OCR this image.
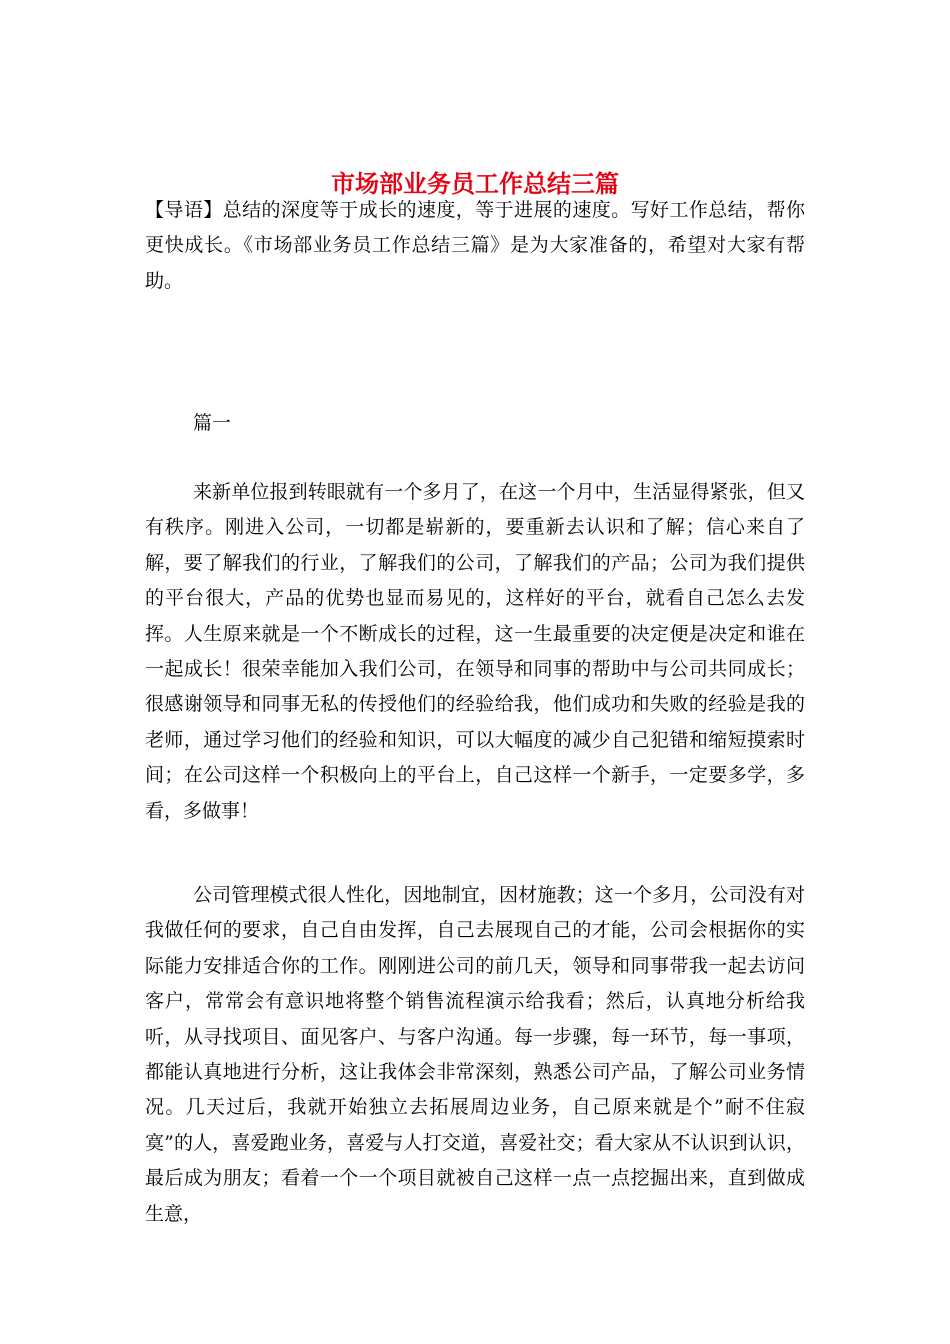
市场部业务员工作总结三篇

【导语】总结的深度等于成长的速度，等于进展的速度。写好工作总结，帮你更快成长。《市场部业务员工作总结三篇》是为大家准备的，希望对大家有帮助。

篇一

来新单位报到转眼就有一个多月了，在这一个月中，生活显得紧张，但又有秩序。刚进入公司，一切都是崭新的，要重新去认识和了解；信心来自了解，要了解我们的行业，了解我们的公司，了解我们的产品；公司为我们提供的平台很大，产品的优势也显而易见的，这样好的平台，就看自己怎么去发挥。人生原来就是一个不断成长的过程，这一生最重要的决定便是决定和谁在一起成长！很荣幸能加入我们公司，在领导和同事的帮助中与公司共同成长；很感谢领导和同事无私的传授他们的经验给我，他们成功和失败的经验是我的老师，通过学习他们的经验和知识，可以大幅度的减少自己犯错和缩短摸索时间；在公司这样一个积极向上的平台上，自己这样一个新手，一定要多学，多看，多做事！

公司管理模式很人性化，因地制宜，因材施教；这一个多月，公司没有对我做任何的要求，自己自由发挥，自己去展现自己的才能，公司会根据你的实际能力安排适合你的工作。刚刚进公司的前几天，领导和同事带我一起去访问客户，常常会有意识地将整个销售流程演示给我看；然后，认真地分析给我听，从寻找项目、面见客户、与客户沟通。每一步骤，每一环节，每一事项，都能认真地进行分析，这让我体会非常深刻，熟悉公司产品，了解公司业务情况。几天过后，我就开始独立去拓展周边业务，自己原来就是个”耐不住寂寞”的人，喜爱跑业务，喜爱与人打交道，喜爱社交；看大家从不认识到认识，最后成为朋友；看着一个一个项目就被自己这样一点一点挖掘出来，直到做成生意，
